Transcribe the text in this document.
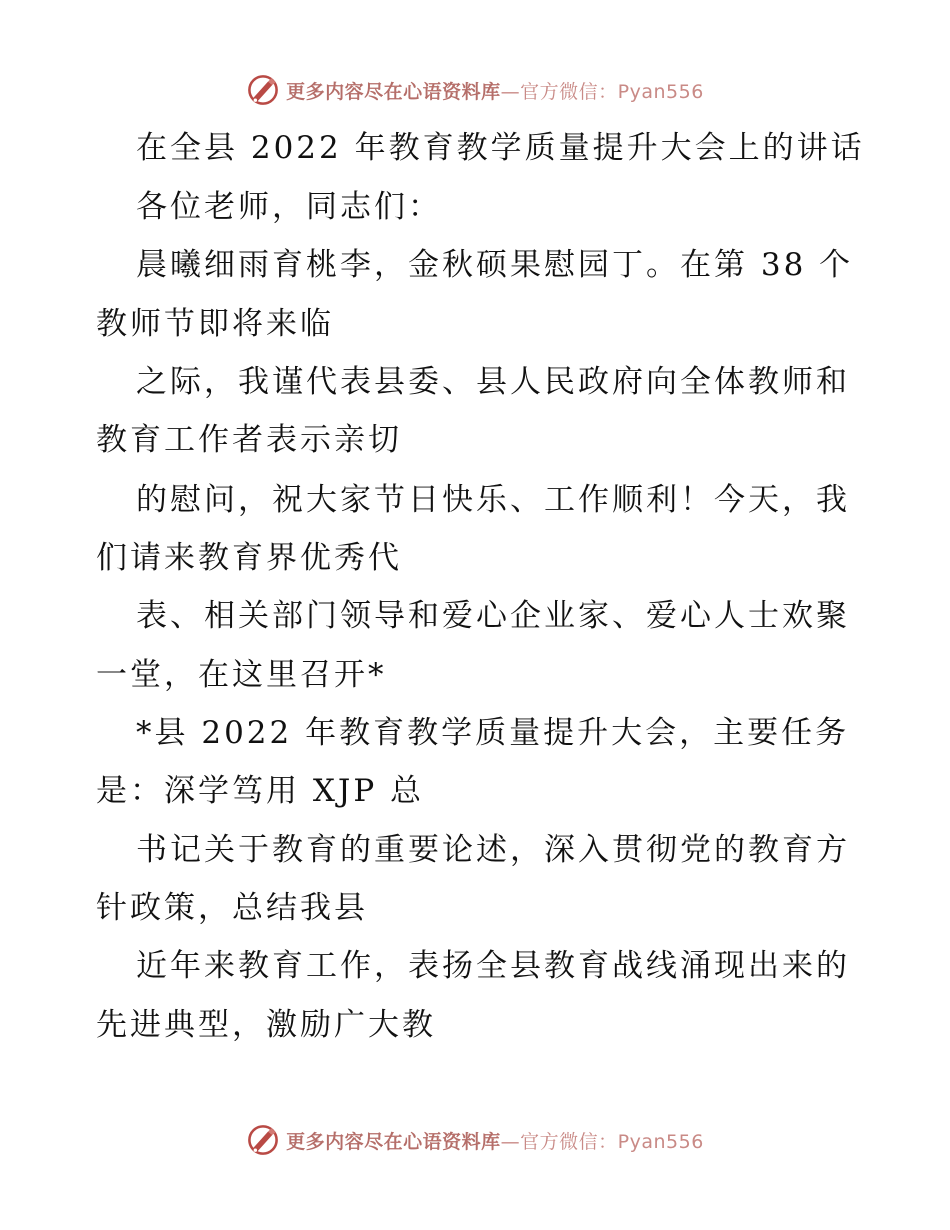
更多内容尽在心语资料库—官方微信：Pyan556
在全县 2022 年教育教学质量提升大会上的讲话
各位老师，同志们：
晨曦细雨育桃李，金秋硕果慰园丁。在第 38 个
教师节即将来临
之际，我谨代表县委、县人民政府向全体教师和
教育工作者表示亲切
的慰问，祝大家节日快乐、工作顺利！今天，我
们请来教育界优秀代
表、相关部门领导和爱心企业家、爱心人士欢聚
一堂，在这里召开*
*县 2022 年教育教学质量提升大会，主要任务
是：深学笃用 XJP 总
书记关于教育的重要论述，深入贯彻党的教育方
针政策，总结我县
近年来教育工作，表扬全县教育战线涌现出来的
先进典型，激励广大教
更多内容尽在心语资料库—官方微信：Pyan556
